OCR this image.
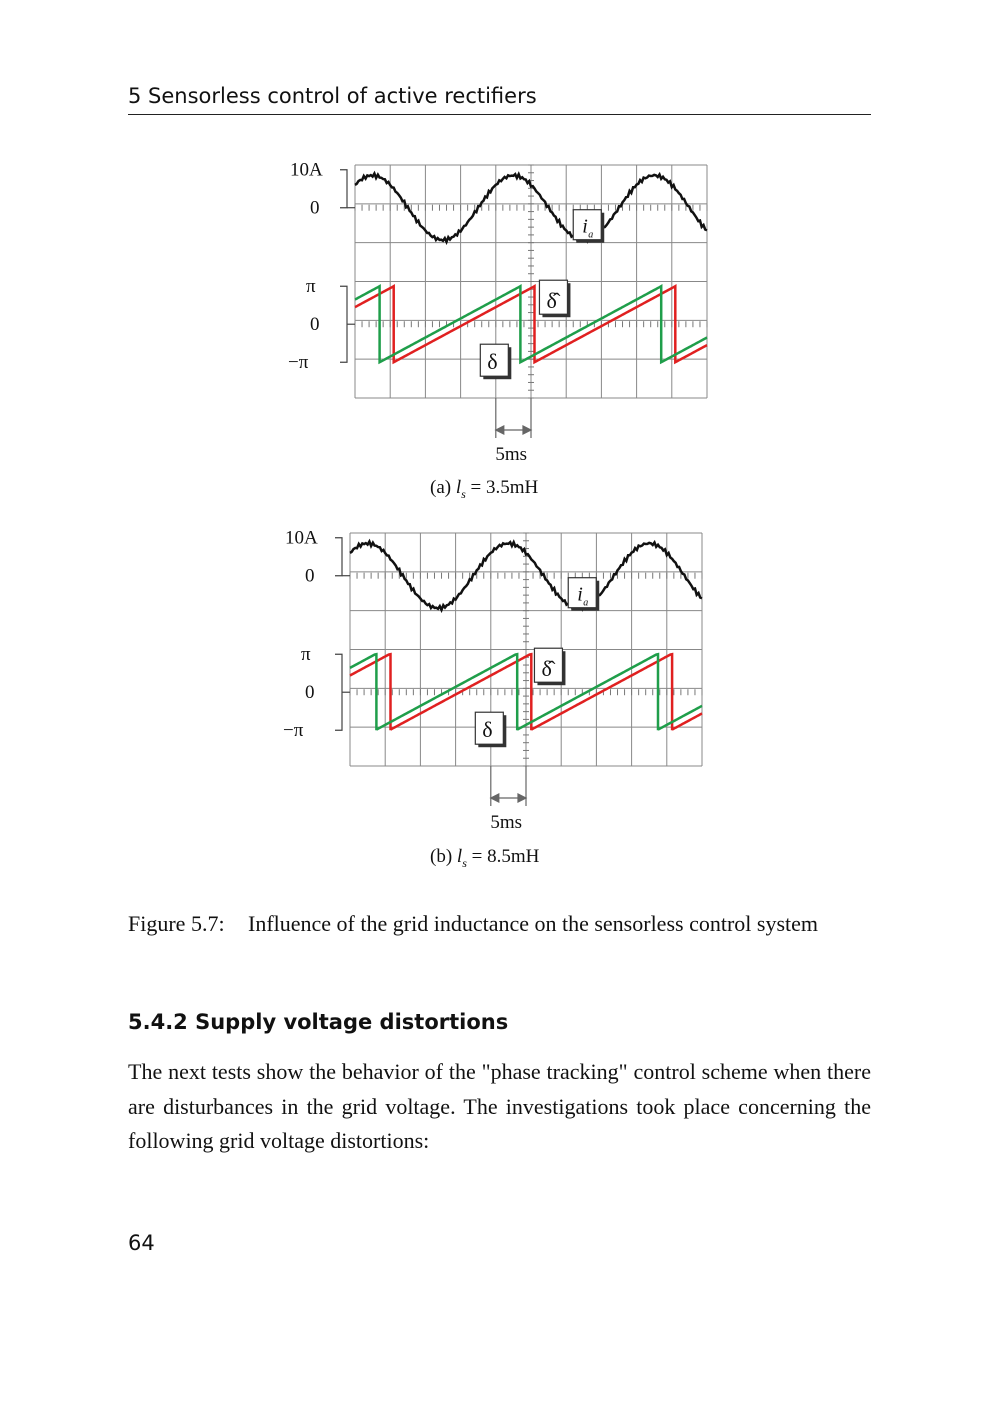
5 Sensorless control of active rectifiers
10A
0
π
0
−π
i a
δ̂
δ
5ms
(a) $l_s = 3.5mH$
10A
0
π
0
−π
i a
δ̂
δ
5ms
(b) $l_s = 8.5mH$
Figure 5.7: Influence of the grid inductance on the sensorless control system
5.4.2 Supply voltage distortions
The next tests show the behavior of the "phase tracking" control scheme when there are disturbances in the grid voltage. The investigations took place concerning the following grid voltage distortions:
64
